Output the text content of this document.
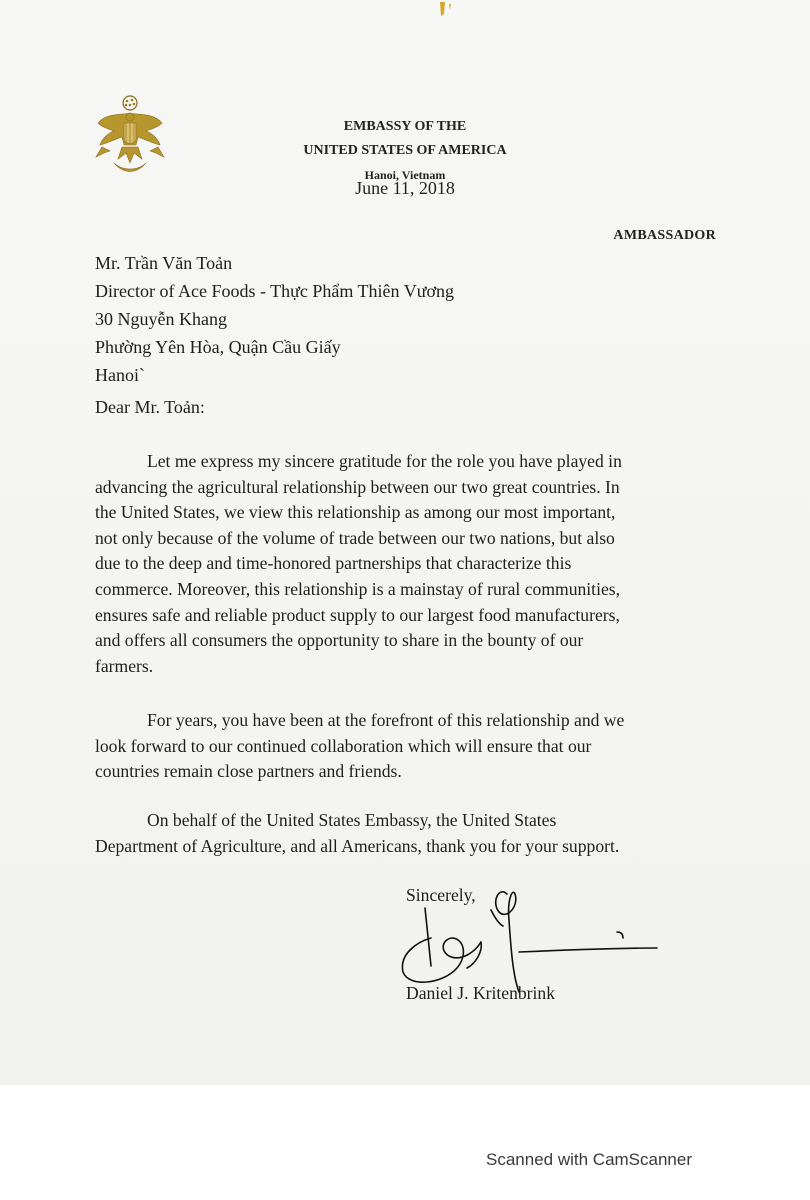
EMBASSY OF THE
UNITED STATES OF AMERICA
Hanoi, Vietnam
June 11, 2018
AMBASSADOR
Mr. Trần Văn Toản
Director of Ace Foods - Thực Phẩm Thiên Vương
30 Nguyễn Khang
Phường Yên Hòa, Quận Cầu Giấy
Hanoi`
Dear Mr. Toản:
Let me express my sincere gratitude for the role you have played in
advancing the agricultural relationship between our two great countries. In
the United States, we view this relationship as among our most important,
not only because of the volume of trade between our two nations, but also
due to the deep and time-honored partnerships that characterize this
commerce. Moreover, this relationship is a mainstay of rural communities,
ensures safe and reliable product supply to our largest food manufacturers,
and offers all consumers the opportunity to share in the bounty of our
farmers.
For years, you have been at the forefront of this relationship and we
look forward to our continued collaboration which will ensure that our
countries remain close partners and friends.
On behalf of the United States Embassy, the United States
Department of Agriculture, and all Americans, thank you for your support.
Sincerely,
Daniel J. Kritenbrink
Scanned with CamScanner
